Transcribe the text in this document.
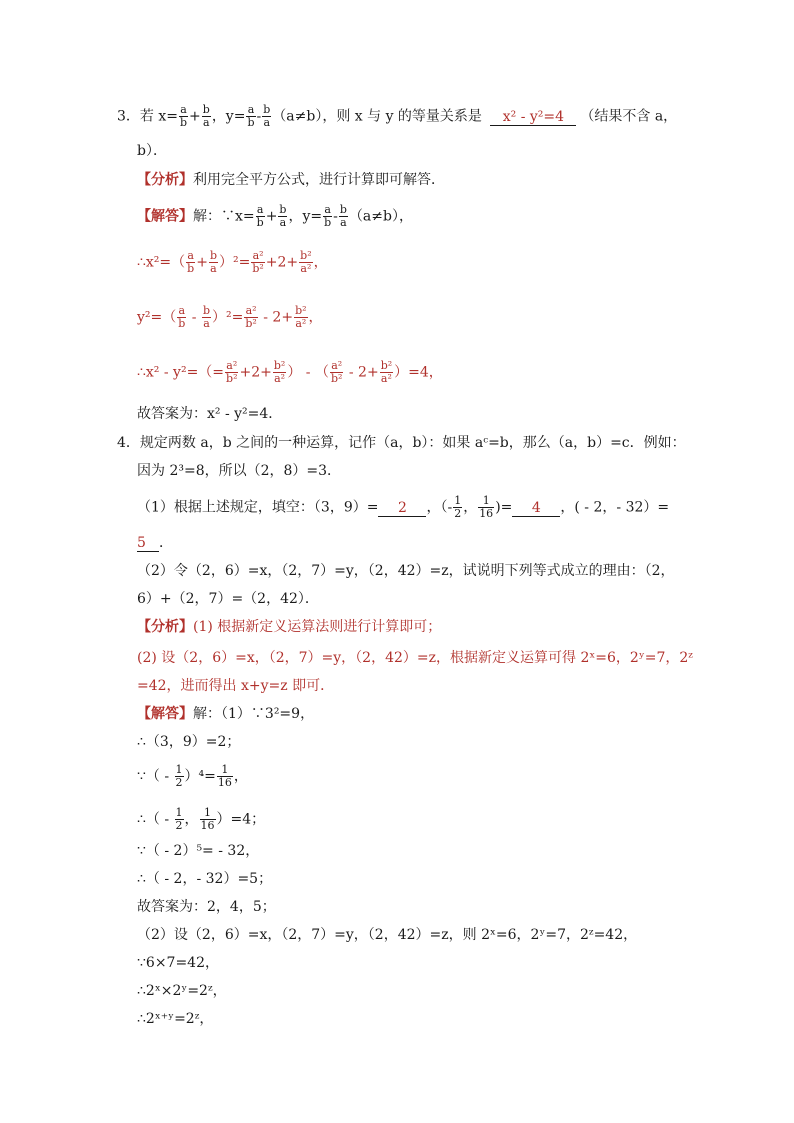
3．若 $x= \frac{a}{b} + \frac{b}{a}$ ，$y= \frac{a}{b} - \frac{b}{a} (a\ne b)$，则 x 与 y 的等量关系是 x² - y²=4 （结果不含 a，
b）．
【分析】利用完全平方公式，进行计算即可解答．
【解答】解：∵x= $\frac{a}{b} + \frac{b}{a}$ ，$y= \frac{a}{b} - \frac{b}{a} (a\ne b)$，
∴x²=（ $\frac{a}{b} + \frac{b}{a} )^2= \frac{\text{a²}}{\text{b²}} +2+ \frac{\text{b²}}{\text{a²}}$ ，
$y^2=( \frac{a}{b} - \frac{b}{a} )^2= \frac{\text{a²}}{\text{b²}} - 2+ \frac{\text{b²}}{\text{a²}}$ ，
∴x² - $y^2=(= \frac{\text{a²}}{\text{b²}} +2+ \frac{\text{b²}}{\text{a²}}$ ） - （ $\frac{\text{a²}}{\text{b²}} - 2+ \frac{\text{b²}}{\text{a²}} )=4$，
故答案为：x² - y²=4．
4．规定两数 a，b 之间的一种运算，记作（a，b）：如果 aᶜ=b，那么（a，b）=c．例如：
因为 2³=8，所以（2，8）=3．
（1）根据上述规定，填空：（3，9）= 2 ，（- $\frac{1}{2}$ ， $\frac{1}{16}$ )= 4 ，( - 2，- 32）=
5 ．
（2）令（2，6）=x，（2，7）=y，（2，42）=z，试说明下列等式成立的理由：（2，
6）+（2，7）=（2，42）．
【分析】(1) 根据新定义运算法则进行计算即可；
(2) 设（2，6）=x，（2，7）=y，（2，42）=z，根据新定义运算可得 2ˣ=6，2ʸ=7，2ᶻ
=42，进而得出 x+y=z 即可．
【解答】解：（1）∵3²=9，
∴（3，9）=2；
∵（ - $\frac{1}{2} )^4= \frac{1}{16}$ ，
∴（ - $\frac{1}{2}$ ， $\frac{1}{16} )=4$；
∵（ - 2）⁵= - 32，
∴（ - 2，- 32）=5；
故答案为：2，4，5；
（2）设（2，6）=x，（2，7）=y，（2，42）=z，则 2ˣ=6，2ʸ=7，2ᶻ=42，
∵6×7=42，
∴2ˣ×2ʸ=2ᶻ，
∴2ˣ⁺ʸ=2ᶻ，
